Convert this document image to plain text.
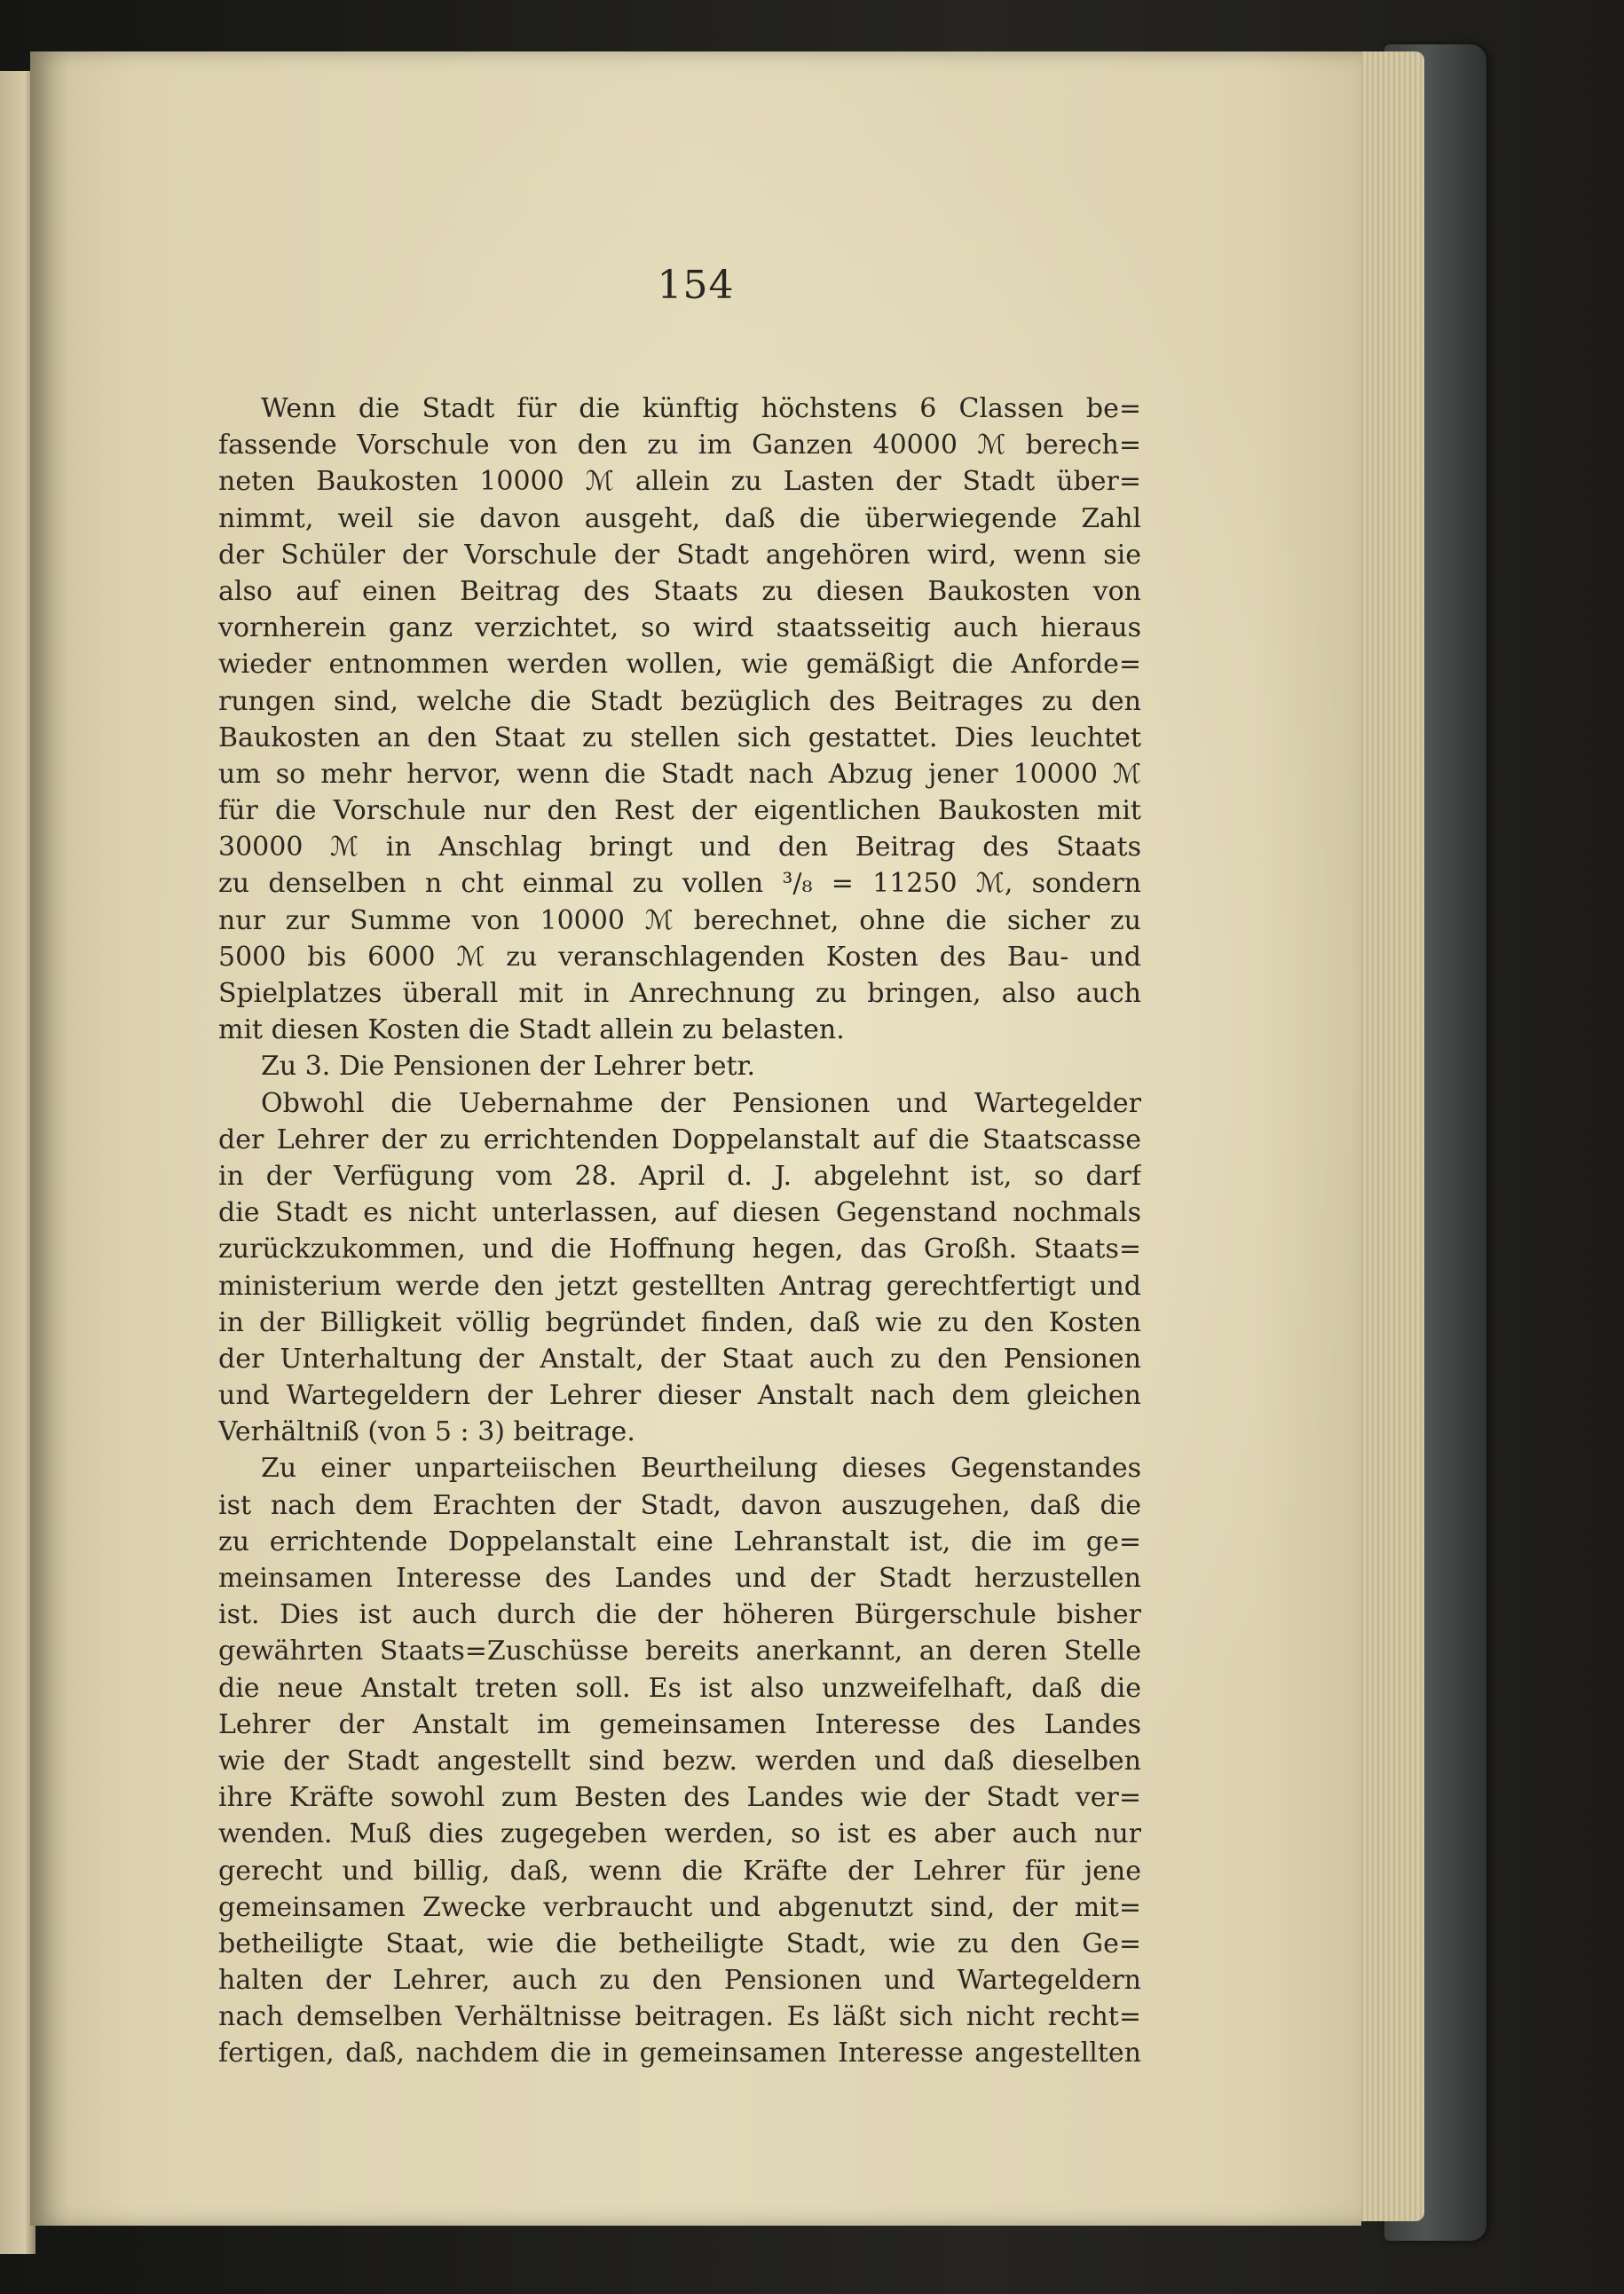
154
Wenn die Stadt für die künftig höchstens 6 Classen be=
fassende Vorschule von den zu im Ganzen 40000 ℳ berech=
neten Baukosten 10000 ℳ allein zu Lasten der Stadt über=
nimmt, weil sie davon ausgeht, daß die überwiegende Zahl
der Schüler der Vorschule der Stadt angehören wird, wenn sie
also auf einen Beitrag des Staats zu diesen Baukosten von
vornherein ganz verzichtet, so wird staatsseitig auch hieraus
wieder entnommen werden wollen, wie gemäßigt die Anforde=
rungen sind, welche die Stadt bezüglich des Beitrages zu den
Baukosten an den Staat zu stellen sich gestattet. Dies leuchtet
um so mehr hervor, wenn die Stadt nach Abzug jener 10000 ℳ
für die Vorschule nur den Rest der eigentlichen Baukosten mit
30000 ℳ in Anschlag bringt und den Beitrag des Staats
zu denselben n cht einmal zu vollen ³/₈ = 11250 ℳ, sondern
nur zur Summe von 10000 ℳ berechnet, ohne die sicher zu
5000 bis 6000 ℳ zu veranschlagenden Kosten des Bau- und
Spielplatzes überall mit in Anrechnung zu bringen, also auch
mit diesen Kosten die Stadt allein zu belasten.
Zu 3. Die Pensionen der Lehrer betr.
Obwohl die Uebernahme der Pensionen und Wartegelder
der Lehrer der zu errichtenden Doppelanstalt auf die Staatscasse
in der Verfügung vom 28. April d. J. abgelehnt ist, so darf
die Stadt es nicht unterlassen, auf diesen Gegenstand nochmals
zurückzukommen, und die Hoffnung hegen, das Großh. Staats=
ministerium werde den jetzt gestellten Antrag gerechtfertigt und
in der Billigkeit völlig begründet finden, daß wie zu den Kosten
der Unterhaltung der Anstalt, der Staat auch zu den Pensionen
und Wartegeldern der Lehrer dieser Anstalt nach dem gleichen
Verhältniß (von 5 : 3) beitrage.
Zu einer unparteiischen Beurtheilung dieses Gegenstandes
ist nach dem Erachten der Stadt, davon auszugehen, daß die
zu errichtende Doppelanstalt eine Lehranstalt ist, die im ge=
meinsamen Interesse des Landes und der Stadt herzustellen
ist. Dies ist auch durch die der höheren Bürgerschule bisher
gewährten Staats=Zuschüsse bereits anerkannt, an deren Stelle
die neue Anstalt treten soll. Es ist also unzweifelhaft, daß die
Lehrer der Anstalt im gemeinsamen Interesse des Landes
wie der Stadt angestellt sind bezw. werden und daß dieselben
ihre Kräfte sowohl zum Besten des Landes wie der Stadt ver=
wenden. Muß dies zugegeben werden, so ist es aber auch nur
gerecht und billig, daß, wenn die Kräfte der Lehrer für jene
gemeinsamen Zwecke verbraucht und abgenutzt sind, der mit=
betheiligte Staat, wie die betheiligte Stadt, wie zu den Ge=
halten der Lehrer, auch zu den Pensionen und Wartegeldern
nach demselben Verhältnisse beitragen. Es läßt sich nicht recht=
fertigen, daß, nachdem die in gemeinsamen Interesse angestellten
